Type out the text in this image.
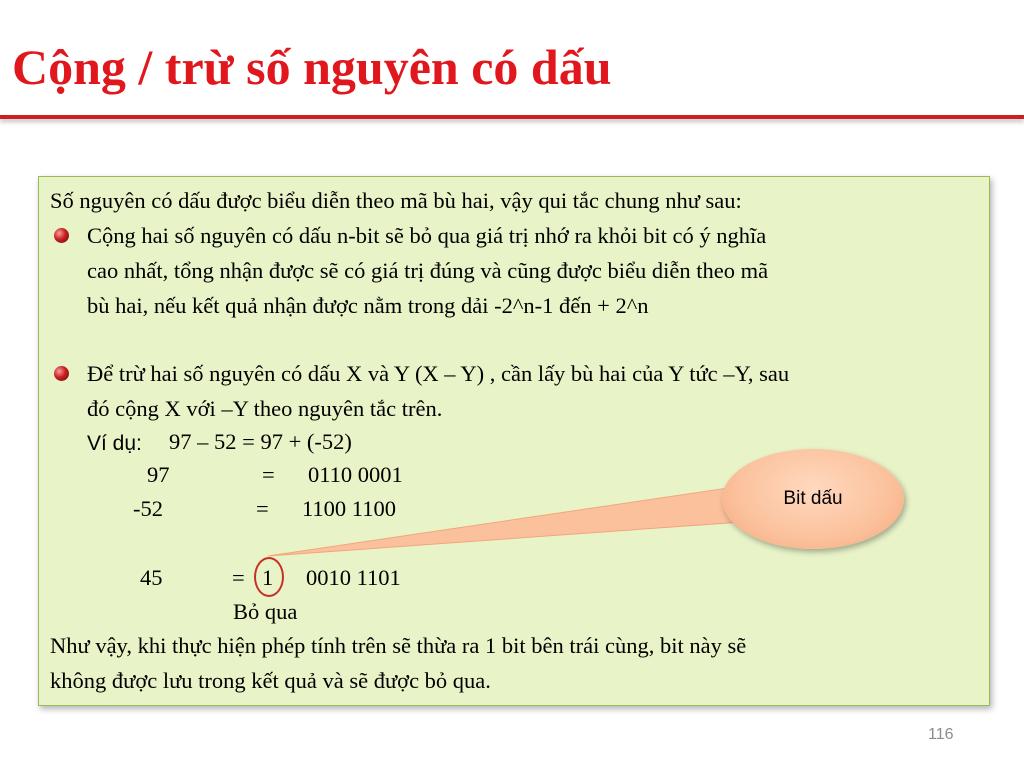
Cộng / trừ số nguyên có dấu
Số nguyên có dấu được biểu diễn theo mã bù hai, vậy qui tắc chung như sau:
Cộng hai số nguyên có dấu n-bit sẽ bỏ qua giá trị nhớ ra khỏi bit có ý nghĩa
cao nhất, tổng nhận được sẽ có giá trị đúng và cũng được biểu diễn theo mã
bù hai, nếu kết quả nhận được nằm trong dải -2^n-1 đến + 2^n
Để trừ hai số nguyên có dấu X và Y (X – Y) , cần lấy bù hai của Y tức –Y, sau
đó cộng X với –Y theo nguyên tắc trên.
Ví dụ: 97 – 52 = 97 + (-52)
97	= 0110 0001
-52	= 1100 1100
45	= 1 0010 1101
Bỏ qua
Như vậy, khi thực hiện phép tính trên sẽ thừa ra 1 bit bên trái cùng, bit này sẽ
không được lưu trong kết quả và sẽ được bỏ qua.
Bit dấu
116
